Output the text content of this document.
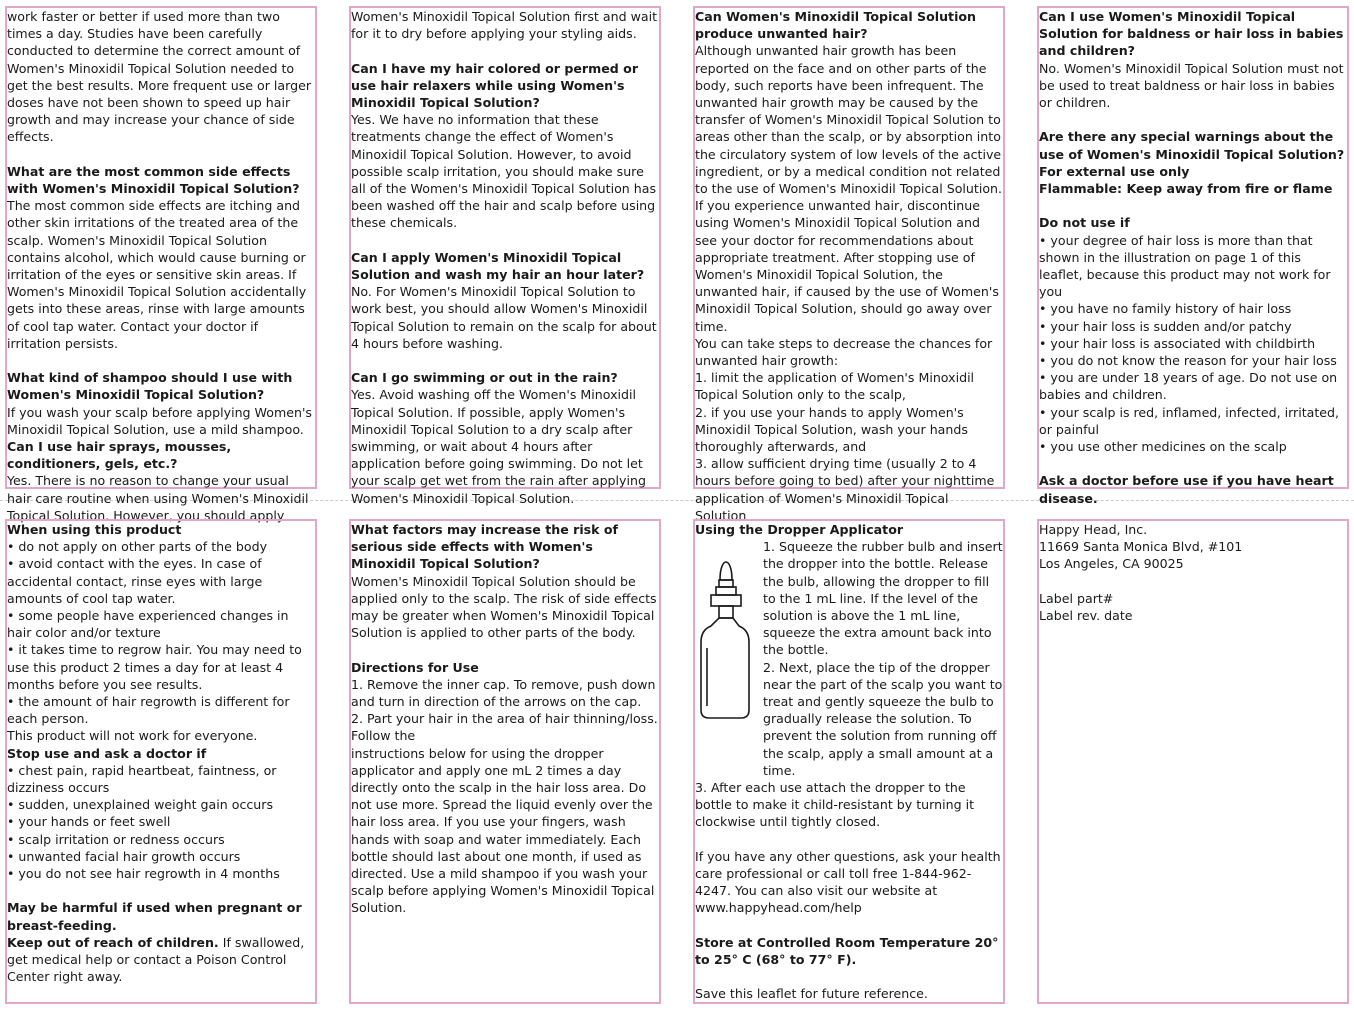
work faster or better if used more than two times a day. Studies have been carefully conducted to determine the correct amount of Women's Minoxidil Topical Solution needed to get the best results. More frequent use or larger doses have not been shown to speed up hair growth and may increase your chance of side effects.

What are the most common side effects with Women's Minoxidil Topical Solution?

The most common side effects are itching and other skin irritations of the treated area of the scalp. Women's Minoxidil Topical Solution contains alcohol, which would cause burning or irritation of the eyes or sensitive skin areas. If Women's Minoxidil Topical Solution accidentally gets into these areas, rinse with large amounts of cool tap water. Contact your doctor if irritation persists.

What kind of shampoo should I use with Women's Minoxidil Topical Solution?

If you wash your scalp before applying Women's Minoxidil Topical Solution, use a mild shampoo.

Can I use hair sprays, mousses, conditioners, gels, etc.?

Yes. There is no reason to change your usual hair care routine when using Women's Minoxidil Topical Solution. However, you should apply

Women's Minoxidil Topical Solution first and wait for it to dry before applying your styling aids.

Can I have my hair colored or permed or use hair relaxers while using Women's Minoxidil Topical Solution?

Yes. We have no information that these treatments change the effect of Women's Minoxidil Topical Solution. However, to avoid possible scalp irritation, you should make sure all of the Women's Minoxidil Topical Solution has been washed off the hair and scalp before using these chemicals.

Can I apply Women's Minoxidil Topical Solution and wash my hair an hour later?

No. For Women's Minoxidil Topical Solution to work best, you should allow Women's Minoxidil Topical Solution to remain on the scalp for about 4 hours before washing.

Can I go swimming or out in the rain?

Yes. Avoid washing off the Women's Minoxidil Topical Solution. If possible, apply Women's Minoxidil Topical Solution to a dry scalp after swimming, or wait about 4 hours after application before going swimming. Do not let your scalp get wet from the rain after applying Women's Minoxidil Topical Solution.

Can Women's Minoxidil Topical Solution produce unwanted hair?

Although unwanted hair growth has been reported on the face and on other parts of the body, such reports have been infrequent. The unwanted hair growth may be caused by the transfer of Women's Minoxidil Topical Solution to areas other than the scalp, or by absorption into the circulatory system of low levels of the active ingredient, or by a medical condition not related to the use of Women's Minoxidil Topical Solution.

If you experience unwanted hair, discontinue using Women's Minoxidil Topical Solution and see your doctor for recommendations about appropriate treatment. After stopping use of Women's Minoxidil Topical Solution, the unwanted hair, if caused by the use of Women's Minoxidil Topical Solution, should go away over time.

You can take steps to decrease the chances for unwanted hair growth:

1. limit the application of Women's Minoxidil Topical Solution only to the scalp,

2. if you use your hands to apply Women's Minoxidil Topical Solution, wash your hands thoroughly afterwards, and

3. allow sufficient drying time (usually 2 to 4 hours before going to bed) after your nighttime application of Women's Minoxidil Topical Solution

Can I use Women's Minoxidil Topical Solution for baldness or hair loss in babies and children?

No. Women's Minoxidil Topical Solution must not be used to treat baldness or hair loss in babies or children.

Are there any special warnings about the use of Women's Minoxidil Topical Solution?

For external use only

Flammable: Keep away from fire or flame

Do not use if

• your degree of hair loss is more than that shown in the illustration on page 1 of this leaflet, because this product may not work for you

• you have no family history of hair loss

• your hair loss is sudden and/or patchy

• your hair loss is associated with childbirth

• you do not know the reason for your hair loss

• you are under 18 years of age. Do not use on babies and children.

• your scalp is red, inflamed, infected, irritated, or painful

• you use other medicines on the scalp

Ask a doctor before use if you have heart disease.

When using this product

• do not apply on other parts of the body

• avoid contact with the eyes. In case of accidental contact, rinse eyes with large amounts of cool tap water.

• some people have experienced changes in hair color and/or texture

• it takes time to regrow hair. You may need to use this product 2 times a day for at least 4 months before you see results.

• the amount of hair regrowth is different for each person.

This product will not work for everyone.

Stop use and ask a doctor if

• chest pain, rapid heartbeat, faintness, or dizziness occurs

• sudden, unexplained weight gain occurs

• your hands or feet swell

• scalp irritation or redness occurs

• unwanted facial hair growth occurs

• you do not see hair regrowth in 4 months

May be harmful if used when pregnant or breast-feeding.

Keep out of reach of children. If swallowed, get medical help or contact a Poison Control Center right away.

What factors may increase the risk of serious side effects with Women's Minoxidil Topical Solution?

Women's Minoxidil Topical Solution should be applied only to the scalp. The risk of side effects may be greater when Women's Minoxidil Topical Solution is applied to other parts of the body.

Directions for Use

1. Remove the inner cap. To remove, push down and turn in direction of the arrows on the cap.

2. Part your hair in the area of hair thinning/loss. Follow the

instructions below for using the dropper applicator and apply one mL 2 times a day directly onto the scalp in the hair loss area. Do not use more. Spread the liquid evenly over the hair loss area. If you use your fingers, wash hands with soap and water immediately. Each bottle should last about one month, if used as directed. Use a mild shampoo if you wash your scalp before applying Women's Minoxidil Topical Solution.

Using the Dropper Applicator

1. Squeeze the rubber bulb and insert the dropper into the bottle. Release the bulb, allowing the dropper to fill to the 1 mL line. If the level of the solution is above the 1 mL line, squeeze the extra amount back into the bottle.

2. Next, place the tip of the dropper near the part of the scalp you want to treat and gently squeeze the bulb to gradually release the solution. To prevent the solution from running off the scalp, apply a small amount at a time.

3. After each use attach the dropper to the bottle to make it child-resistant by turning it clockwise until tightly closed.

If you have any other questions, ask your health care professional or call toll free 1-844-962-4247. You can also visit our website at www.happyhead.com/help

Store at Controlled Room Temperature 20° to 25° C (68° to 77° F).

Save this leaflet for future reference.

Happy Head, Inc.

11669 Santa Monica Blvd, #101

Los Angeles, CA 90025

Label part#

Label rev. date
